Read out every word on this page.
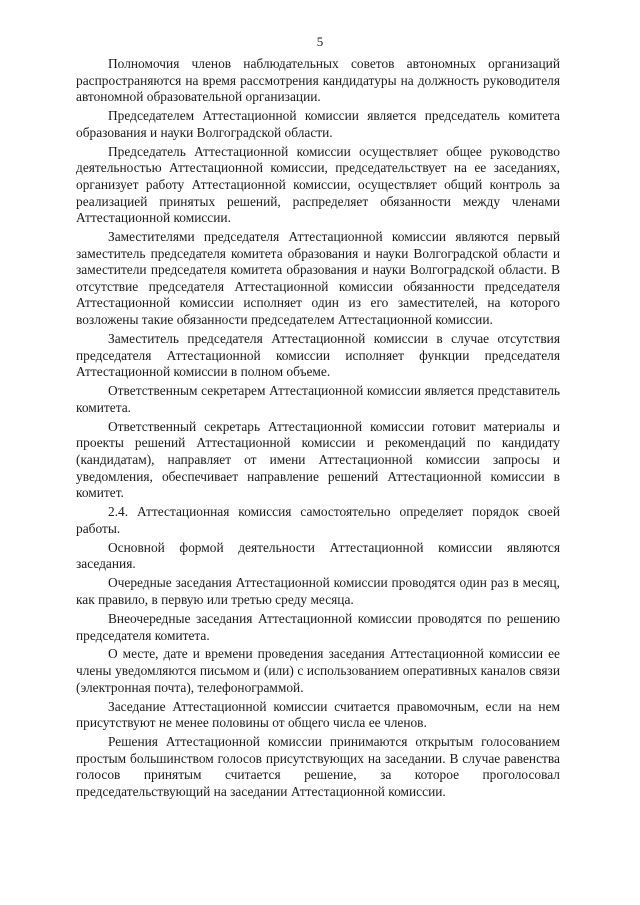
5

Полномочия членов наблюдательных советов автономных организаций распространяются на время рассмотрения кандидатуры на должность руководителя автономной образовательной организации.

Председателем Аттестационной комиссии является председатель комитета образования и науки Волгоградской области.

Председатель Аттестационной комиссии осуществляет общее руководство деятельностью Аттестационной комиссии, председательствует на ее заседаниях, организует работу Аттестационной комиссии, осуществляет общий контроль за реализацией принятых решений, распределяет обязанности между членами Аттестационной комиссии.

Заместителями председателя Аттестационной комиссии являются первый заместитель председателя комитета образования и науки Волгоградской области и заместители председателя комитета образования и науки Волгоградской области. В отсутствие председателя Аттестационной комиссии обязанности председателя Аттестационной комиссии исполняет один из его заместителей, на которого возложены такие обязанности председателем Аттестационной комиссии.

Заместитель председателя Аттестационной комиссии в случае отсутствия председателя Аттестационной комиссии исполняет функции председателя Аттестационной комиссии в полном объеме.

Ответственным секретарем Аттестационной комиссии является представитель комитета.

Ответственный секретарь Аттестационной комиссии готовит материалы и проекты решений Аттестационной комиссии и рекомендаций по кандидату (кандидатам), направляет от имени Аттестационной комиссии запросы и уведомления, обеспечивает направление решений Аттестационной комиссии в комитет.

2.4. Аттестационная комиссия самостоятельно определяет порядок своей работы.

Основной формой деятельности Аттестационной комиссии являются заседания.

Очередные заседания Аттестационной комиссии проводятся один раз в месяц, как правило, в первую или третью среду месяца.

Внеочередные заседания Аттестационной комиссии проводятся по решению председателя комитета.

О месте, дате и времени проведения заседания Аттестационной комиссии ее члены уведомляются письмом и (или) с использованием оперативных каналов связи (электронная почта), телефонограммой.

Заседание Аттестационной комиссии считается правомочным, если на нем присутствуют не менее половины от общего числа ее членов.

Решения Аттестационной комиссии принимаются открытым голосованием простым большинством голосов присутствующих на заседании. В случае равенства голосов принятым считается решение, за которое проголосовал председательствующий на заседании Аттестационной комиссии.
